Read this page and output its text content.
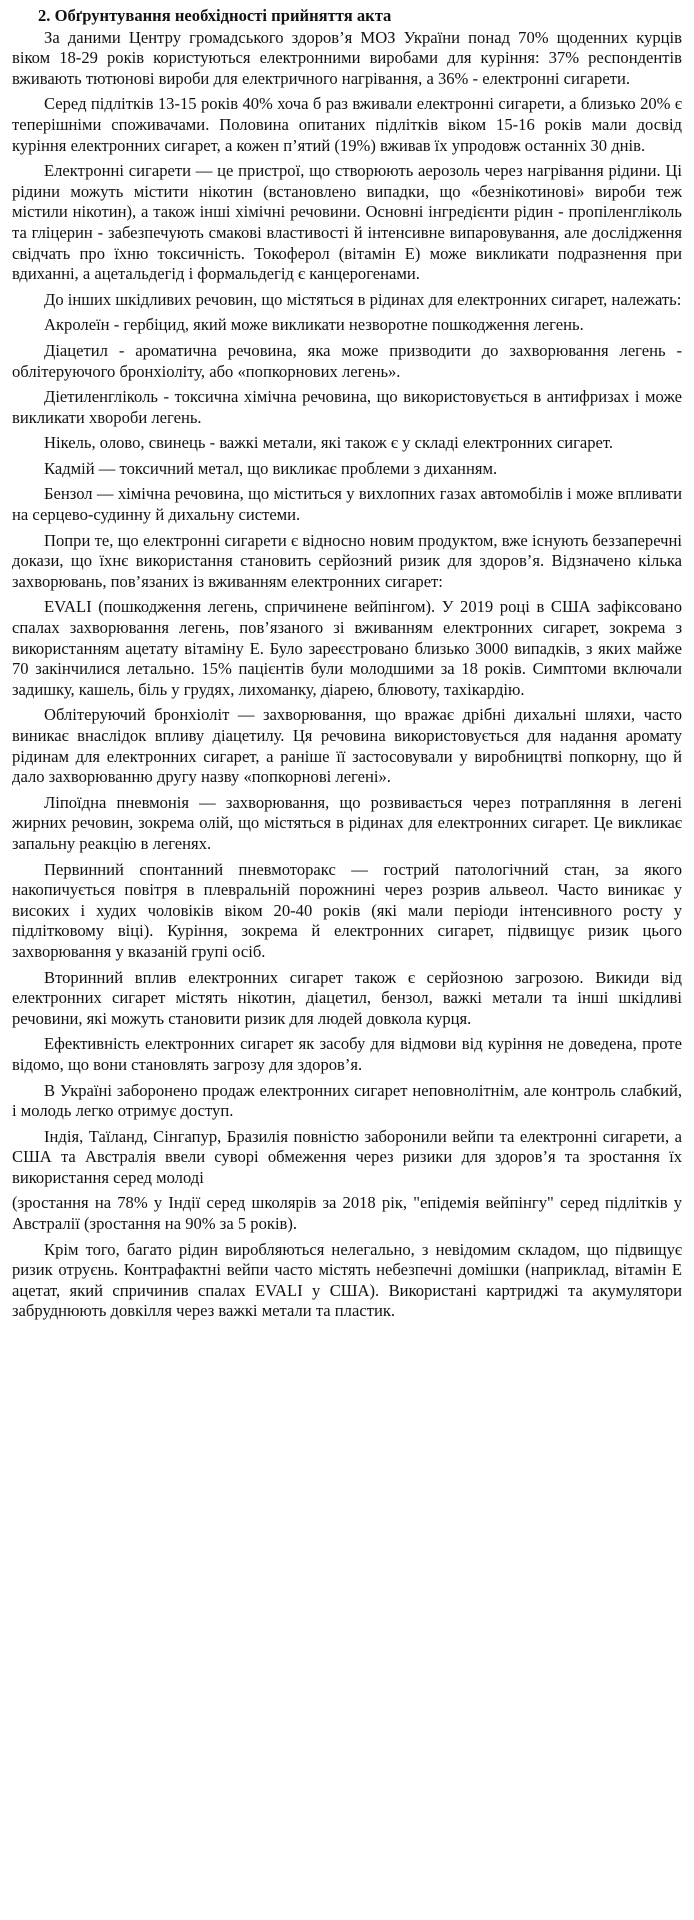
2. Обґрунтування необхідності прийняття акта

За даними Центру громадського здоров’я МОЗ України понад 70% щоденних курців віком 18-29 років користуються електронними виробами для куріння: 37% респондентів вживають тютюнові вироби для електричного нагрівання, а 36% - електронні сигарети.

Серед підлітків 13-15 років 40% хоча б раз вживали електронні сигарети, а близько 20% є теперішніми споживачами. Половина опитаних підлітків віком 15-16 років мали досвід куріння електронних сигарет, а кожен п’ятий (19%) вживав їх упродовж останніх 30 днів.

Електронні сигарети — це пристрої, що створюють аерозоль через нагрівання рідини. Ці рідини можуть містити нікотин (встановлено випадки, що «безнікотинові» вироби теж містили нікотин), а також інші хімічні речовини. Основні інгредієнти рідин - пропіленгліколь та гліцерин - забезпечують смакові властивості й інтенсивне випаровування, але дослідження свідчать про їхню токсичність. Токоферол (вітамін Е) може викликати подразнення при вдиханні, а ацетальдегід і формальдегід є канцерогенами.

До інших шкідливих речовин, що містяться в рідинах для електронних сигарет, належать:

Акролеїн - гербіцид, який може викликати незворотне пошкодження легень.

Діацетил - ароматична речовина, яка може призводити до захворювання легень - облітеруючого бронхіоліту, або «попкорнових легень».

Діетиленгліколь - токсична хімічна речовина, що використовується в антифризах і може викликати хвороби легень.

Нікель, олово, свинець - важкі метали, які також є у складі електронних сигарет.

Кадмій — токсичний метал, що викликає проблеми з диханням.

Бензол — хімічна речовина, що міститься у вихлопних газах автомобілів і може впливати на серцево-судинну й дихальну системи.

Попри те, що електронні сигарети є відносно новим продуктом, вже існують беззаперечні докази, що їхнє використання становить серйозний ризик для здоров’я. Відзначено кілька захворювань, пов’язаних із вживанням електронних сигарет:

EVALI (пошкодження легень, спричинене вейпінгом). У 2019 році в США зафіксовано спалах захворювання легень, пов’язаного зі вживанням електронних сигарет, зокрема з використанням ацетату вітаміну Е. Було зареєстровано близько 3000 випадків, з яких майже 70 закінчилися летально. 15% пацієнтів були молодшими за 18 років. Симптоми включали задишку, кашель, біль у грудях, лихоманку, діарею, блювоту, тахікардію.

Облітеруючий бронхіоліт — захворювання, що вражає дрібні дихальні шляхи, часто виникає внаслідок впливу діацетилу. Ця речовина використовується для надання аромату рідинам для електронних сигарет, а раніше її застосовували у виробництві попкорну, що й дало захворюванню другу назву «попкорнові легені».

Ліпоїдна пневмонія — захворювання, що розвивається через потрапляння в легені жирних речовин, зокрема олій, що містяться в рідинах для електронних сигарет. Це викликає запальну реакцію в легенях.

Первинний спонтанний пневмоторакс — гострий патологічний стан, за якого накопичується повітря в плевральній порожнині через розрив альвеол. Часто виникає у високих і худих чоловіків віком 20-40 років (які мали періоди інтенсивного росту у підлітковому віці). Куріння, зокрема й електронних сигарет, підвищує ризик цього захворювання у вказаній групі осіб.

Вторинний вплив електронних сигарет також є серйозною загрозою. Викиди від електронних сигарет містять нікотин, діацетил, бензол, важкі метали та інші шкідливі речовини, які можуть становити ризик для людей довкола курця.

Ефективність електронних сигарет як засобу для відмови від куріння не доведена, проте відомо, що вони становлять загрозу для здоров’я.

В Україні заборонено продаж електронних сигарет неповнолітнім, але контроль слабкий, і молодь легко отримує доступ.

Індія, Таїланд, Сінгапур, Бразилія повністю заборонили вейпи та електронні сигарети, а США та Австралія ввели суворі обмеження через ризики для здоров’я та зростання їх використання серед молоді

(зростання на 78% у Індії серед школярів за 2018 рік, "епідемія вейпінгу" серед підлітків у Австралії (зростання на 90% за 5 років).

Крім того, багато рідин виробляються нелегально, з невідомим складом, що підвищує ризик отруєнь. Контрафактні вейпи часто містять небезпечні домішки (наприклад, вітамін Е ацетат, який спричинив спалах EVALI у США). Використані картриджі та акумулятори забруднюють довкілля через важкі метали та пластик.
